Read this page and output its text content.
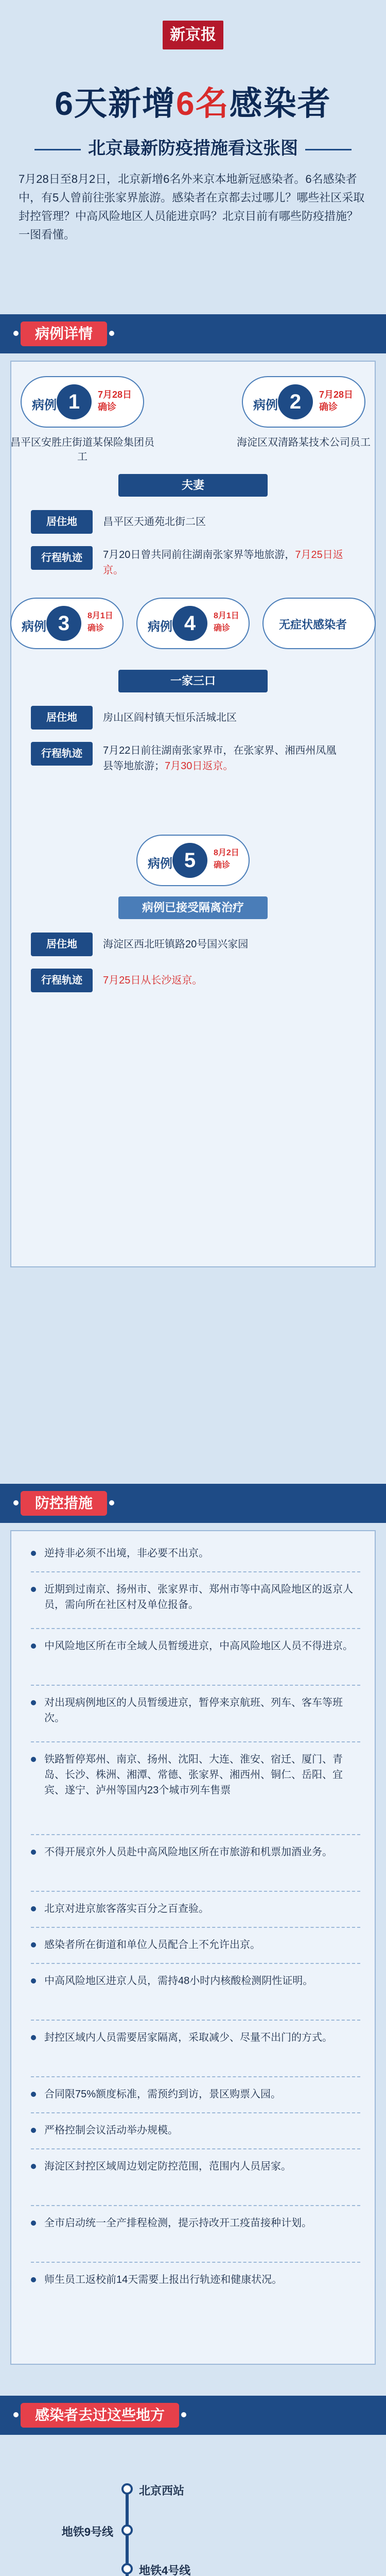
新京报
6天新增6名感染者
北京最新防疫措施看这张图
7月28日至8月2日，北京新增6名外来京本地新冠感染者。6名感染者中，有5人曾前往张家界旅游。感染者在京都去过哪儿？哪些社区采取封控管理？中高风险地区人员能进京吗？北京目前有哪些防疫措施？一图看懂。
病例详情
病例 1	7月28日确诊
昌平区安胜庄街道某保险集团员工
病例 2	7月28日确诊
海淀区双清路某技术公司员工
夫妻
居住地	昌平区天通苑北街二区
行程轨迹	7月20日曾共同前往湖南张家界等地旅游，7月25日返京。
病例 3	8月1日确诊	病例 4	8月1日确诊	无症状感染者
一家三口
居住地	房山区阎村镇天恒乐活城北区
行程轨迹	7月22日前往湖南张家界市，在张家界、湘西州凤凰县等地旅游；7月30日返京。
病例 5	8月2日确诊
病例已接受隔离治疗
居住地	海淀区西北旺镇路20号国兴家园
行程轨迹	7月25日从长沙返京。
防控措施
逆持非必须不出境，非必要不出京。
近期到过南京、扬州市、张家界市、郑州市等中高风险地区的返京人员，需向所在社区村及单位报备。
中风险地区所在市全域人员暂缓进京，中高风险地区人员不得进京。
对出现病例地区的人员暂缓进京，暂停来京航班、列车、客车等班次。
铁路暂停郑州、南京、扬州、沈阳、大连、淮安、宿迁、厦门、青岛、长沙、株洲、湘潭、常德、张家界、湘西州、铜仁、岳阳、宜宾、遂宁、泸州等国内23个城市列车售票
不得开展京外人员赴中高风险地区所在市旅游和机票加酒业务。
北京对进京旅客落实百分之百查验。
感染者所在街道和单位人员配合上不允许出京。
中高风险地区进京人员，需持48小时内核酸检测阴性证明。
封控区域内人员需要居家隔离，采取减少、尽量不出门的方式。
合同限75%额度标准，需预约到访，景区购票入园。
严格控制会议活动举办规模。
海淀区封控区域周边划定防控范围，范围内人员居家。
全市启动统一全产排程检测，提示持改开工疫苗接种计划。
师生员工返校前14天需要上报出行轨迹和健康状况。
感染者去过这些地方
北京西站
地铁9号线
地铁4号线
